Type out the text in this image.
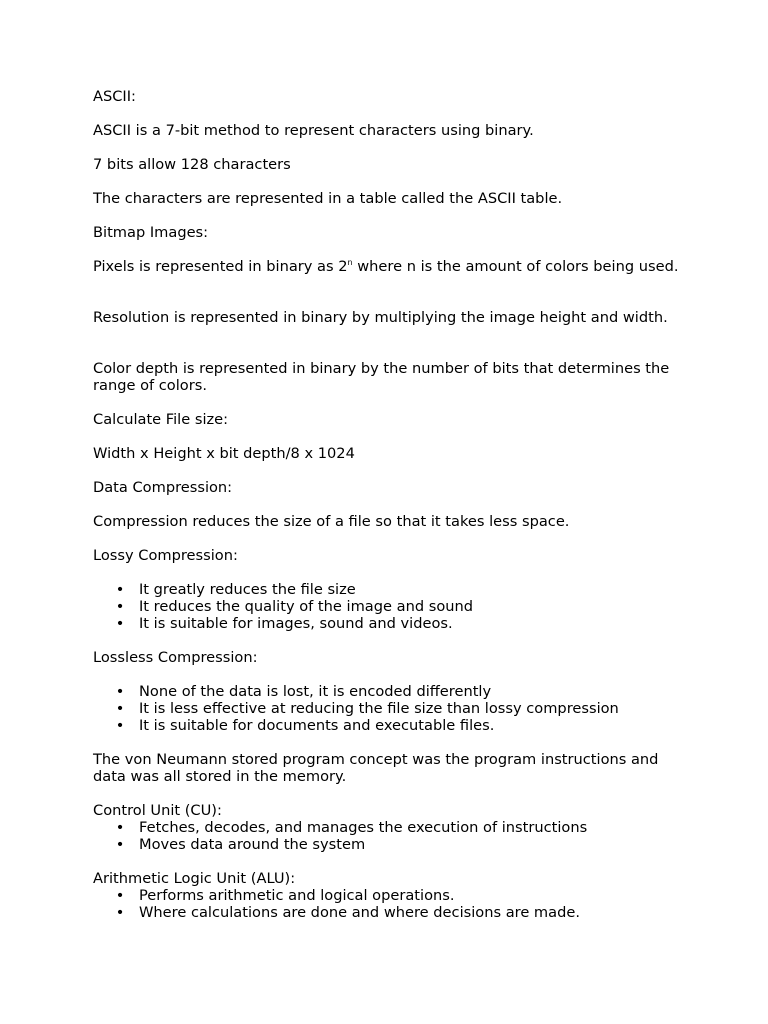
ASCII:

ASCII is a 7-bit method to represent characters using binary.

7 bits allow 128 characters

The characters are represented in a table called the ASCII table.

Bitmap Images:

Pixels is represented in binary as 2$^n$ where n is the amount of colors being used.

Resolution is represented in binary by multiplying the image height and width.

Color depth is represented in binary by the number of bits that determines the range of colors.

Calculate File size:

Width x Height x bit depth/8 x 1024

Data Compression:

Compression reduces the size of a file so that it takes less space.

Lossy Compression:

• It greatly reduces the file size

• It reduces the quality of the image and sound

• It is suitable for images, sound and videos.

Lossless Compression:

• None of the data is lost, it is encoded differently

• It is less effective at reducing the file size than lossy compression

• It is suitable for documents and executable files.

The von Neumann stored program concept was the program instructions and data was all stored in the memory.

Control Unit (CU):

• Fetches, decodes, and manages the execution of instructions

• Moves data around the system

Arithmetic Logic Unit (ALU):

• Performs arithmetic and logical operations.

• Where calculations are done and where decisions are made.
